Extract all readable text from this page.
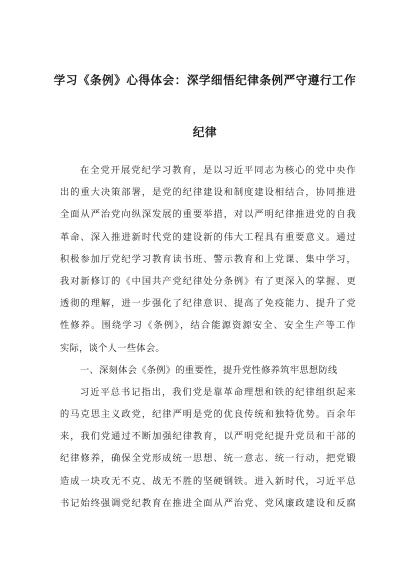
学习《条例》心得体会：深学细悟纪律条例严守遵行工作
纪律
在全党开展党纪学习教育，是以习近平同志为核心的党中央作
出的重大决策部署，是党的纪律建设和制度建设相结合，协同推进
全面从严治党向纵深发展的重要举措，对以严明纪律推进党的自我
革命、深入推进新时代党的建设新的伟大工程具有重要意义。通过
积极参加厅党纪学习教育读书班、警示教育和上党课、集中学习，
我对新修订的《中国共产党纪律处分条例》有了更深入的掌握、更
透彻的理解，进一步强化了纪律意识、提高了免疫能力、提升了党
性修养。围绕学习《条例》，结合能源资源安全、安全生产等工作
实际，谈个人一些体会。
一、深刻体会《条例》的重要性，提升党性修养筑牢思想防线
习近平总书记指出，我们党是靠革命理想和铁的纪律组织起来
的马克思主义政党，纪律严明是党的优良传统和独特优势。百余年
来，我们党通过不断加强纪律教育，以严明党纪提升党员和干部的
纪律修养，确保全党形成统一思想、统一意志、统一行动，把党锻
造成一块攻无不克、战无不胜的坚硬钢铁。进入新时代，习近平总
书记始终强调党纪教育在推进全面从严治党、党风廉政建设和反腐
